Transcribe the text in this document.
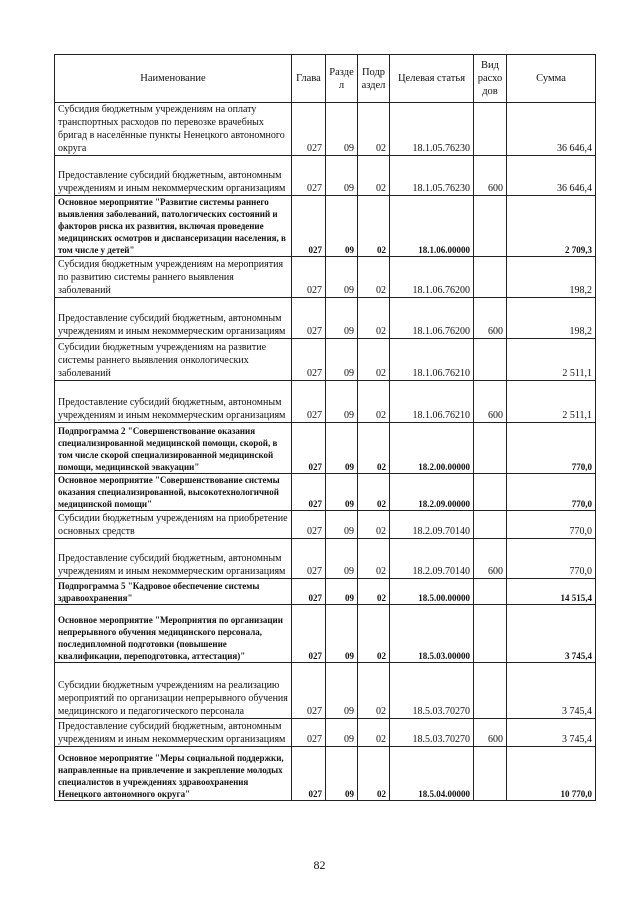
Наименование	Глава	Разде л	Подр аздел	Целевая статья	Вид расхо дов	Сумма
Субсидия бюджетным учреждениям на оплату транспортных расходов по перевозке врачебных бригад в населённые пункты Ненецкого автономного округа	027	09	02	18.1.05.76230		36 646,4
Предоставление субсидий бюджетным, автономным учреждениям и иным некоммерческим организациям	027	09	02	18.1.05.76230	600	36 646,4
Основное мероприятие "Развитие системы раннего выявления заболеваний, патологических состояний и факторов риска их развития, включая проведение медицинских осмотров и диспансеризации населения, в том числе у детей"	027	09	02	18.1.06.00000		2 709,3
Субсидия бюджетным учреждениям на мероприятия по развитию системы раннего выявления заболеваний	027	09	02	18.1.06.76200		198,2
Предоставление субсидий бюджетным, автономным учреждениям и иным некоммерческим организациям	027	09	02	18.1.06.76200	600	198,2
Субсидии бюджетным учреждениям на развитие системы раннего выявления онкологических заболеваний	027	09	02	18.1.06.76210		2 511,1
Предоставление субсидий бюджетным, автономным учреждениям и иным некоммерческим организациям	027	09	02	18.1.06.76210	600	2 511,1
Подпрограмма 2 "Совершенствование оказания специализированной медицинской помощи, скорой, в том числе скорой специализированной медицинской помощи, медицинской эвакуации"	027	09	02	18.2.00.00000		770,0
Основное мероприятие "Совершенствование системы оказания специализированной, высокотехнологичной медицинской помощи"	027	09	02	18.2.09.00000		770,0
Субсидии бюджетным учреждениям на приобретение основных средств	027	09	02	18.2.09.70140		770,0
Предоставление субсидий бюджетным, автономным учреждениям и иным некоммерческим организациям	027	09	02	18.2.09.70140	600	770,0
Подпрограмма 5 "Кадровое обеспечение системы здравоохранения"	027	09	02	18.5.00.00000		14 515,4
Основное мероприятие "Мероприятия по организации непрерывного обучения медицинского персонала, последипломной подготовки (повышение квалификации, переподготовка, аттестация)"	027	09	02	18.5.03.00000		3 745,4
Субсидии бюджетным учреждениям на реализацию мероприятий по организации непрерывного обучения медицинского и педагогического персонала	027	09	02	18.5.03.70270		3 745,4
Предоставление субсидий бюджетным, автономным учреждениям и иным некоммерческим организациям	027	09	02	18.5.03.70270	600	3 745,4
Основное мероприятие "Меры социальной поддержки, направленные на привлечение и закрепление молодых специалистов в учреждениях здравоохранения Ненецкого автономного округа"	027	09	02	18.5.04.00000		10 770,0
82
